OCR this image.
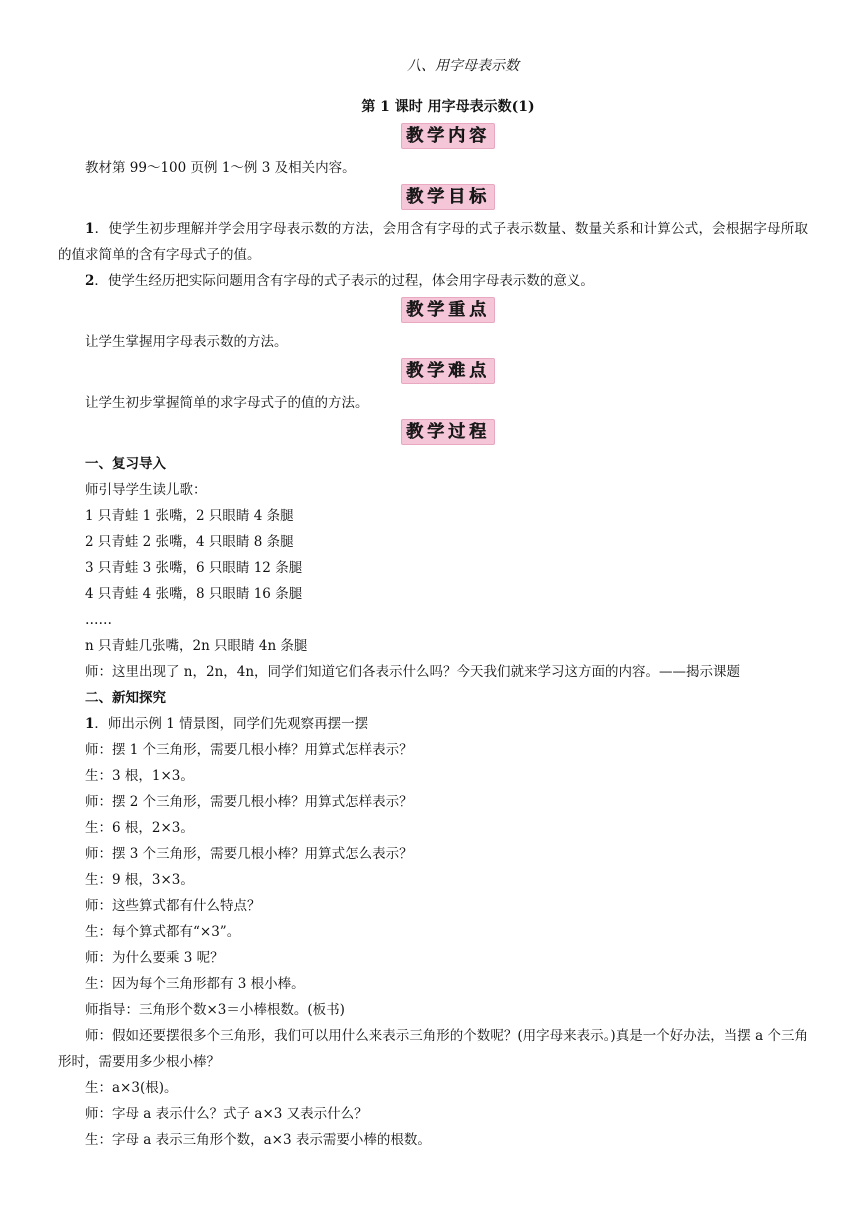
八、用字母表示数
第 1 课时 用字母表示数(1)
教学内容

教材第 99～100 页例 1～例 3 及相关内容。

教学目标

1．使学生初步理解并学会用字母表示数的方法，会用含有字母的式子表示数量、数量关系和计算公式，会根据字母所取的值求简单的含有字母式子的值。

2．使学生经历把实际问题用含有字母的式子表示的过程，体会用字母表示数的意义。

教学重点

让学生掌握用字母表示数的方法。

教学难点

让学生初步掌握简单的求字母式子的值的方法。

教学过程

一、复习导入

师引导学生读儿歌：

1 只青蛙 1 张嘴，2 只眼睛 4 条腿

2 只青蛙 2 张嘴，4 只眼睛 8 条腿

3 只青蛙 3 张嘴，6 只眼睛 12 条腿

4 只青蛙 4 张嘴，8 只眼睛 16 条腿

……

n 只青蛙几张嘴，2n 只眼睛 4n 条腿

师：这里出现了 n，2n，4n，同学们知道它们各表示什么吗？今天我们就来学习这方面的内容。——揭示课题

二、新知探究

1．师出示例 1 情景图，同学们先观察再摆一摆

师：摆 1 个三角形，需要几根小棒？用算式怎样表示？

生：3 根，1×3。

师：摆 2 个三角形，需要几根小棒？用算式怎样表示？

生：6 根，2×3。

师：摆 3 个三角形，需要几根小棒？用算式怎么表示？

生：9 根，3×3。

师：这些算式都有什么特点？

生：每个算式都有“×3”。

师：为什么要乘 3 呢？

生：因为每个三角形都有 3 根小棒。

师指导：三角形个数×3＝小棒根数。(板书)

师：假如还要摆很多个三角形，我们可以用什么来表示三角形的个数呢？(用字母来表示。)真是一个好办法，当摆 a 个三角形时，需要用多少根小棒？

生：a×3(根)。

师：字母 a 表示什么？式子 a×3 又表示什么？

生：字母 a 表示三角形个数，a×3 表示需要小棒的根数。
